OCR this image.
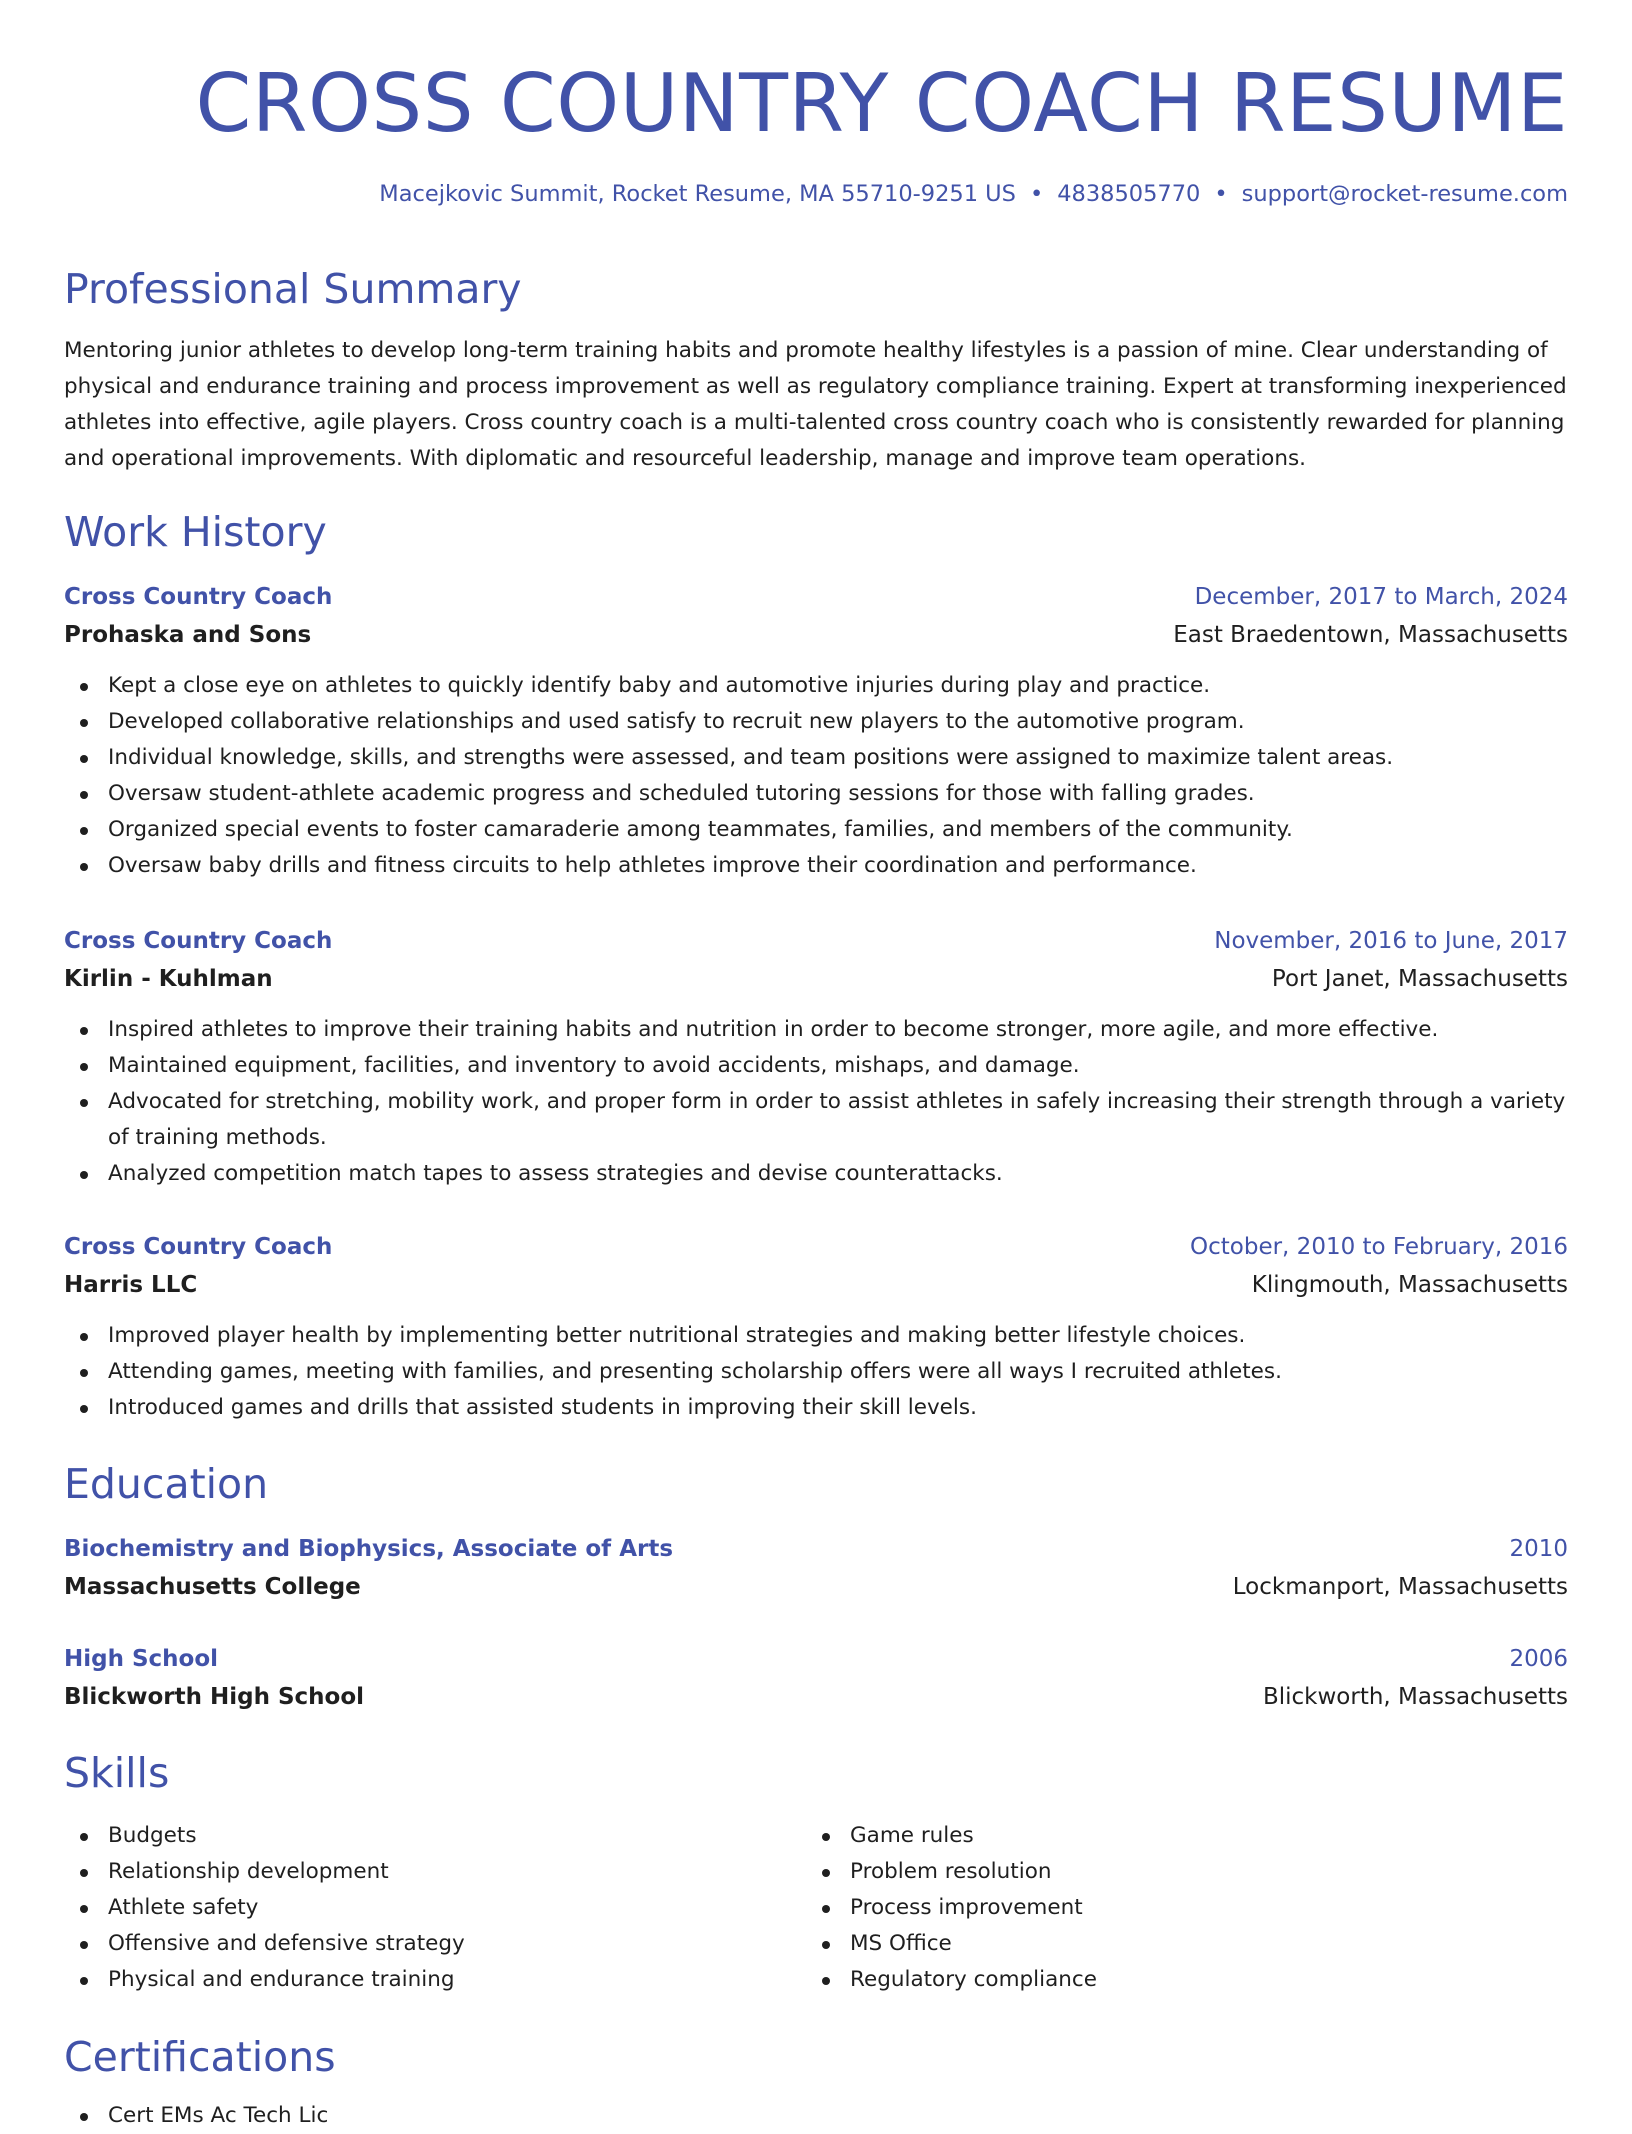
CROSS COUNTRY COACH RESUME
Macejkovic Summit, Rocket Resume, MA 55710-9251 US • 4838505770 • support@rocket-resume.com
Professional Summary

Mentoring junior athletes to develop long-term training habits and promote healthy lifestyles is a passion of mine. Clear understanding of physical and endurance training and process improvement as well as regulatory compliance training. Expert at transforming inexperienced athletes into effective, agile players. Cross country coach is a multi-talented cross country coach who is consistently rewarded for planning and operational improvements. With diplomatic and resourceful leadership, manage and improve team operations.

Work History
Cross Country Coach	December, 2017 to March, 2024
Prohaska and Sons	East Braedentown, Massachusetts
Kept a close eye on athletes to quickly identify baby and automotive injuries during play and practice.
Developed collaborative relationships and used satisfy to recruit new players to the automotive program.
Individual knowledge, skills, and strengths were assessed, and team positions were assigned to maximize talent areas.
Oversaw student-athlete academic progress and scheduled tutoring sessions for those with falling grades.
Organized special events to foster camaraderie among teammates, families, and members of the community.
Oversaw baby drills and fitness circuits to help athletes improve their coordination and performance.
Cross Country Coach	November, 2016 to June, 2017
Kirlin - Kuhlman	Port Janet, Massachusetts
Inspired athletes to improve their training habits and nutrition in order to become stronger, more agile, and more effective.
Maintained equipment, facilities, and inventory to avoid accidents, mishaps, and damage.
Advocated for stretching, mobility work, and proper form in order to assist athletes in safely increasing their strength through a variety of training methods.
Analyzed competition match tapes to assess strategies and devise counterattacks.
Cross Country Coach	October, 2010 to February, 2016
Harris LLC	Klingmouth, Massachusetts
Improved player health by implementing better nutritional strategies and making better lifestyle choices.
Attending games, meeting with families, and presenting scholarship offers were all ways I recruited athletes.
Introduced games and drills that assisted students in improving their skill levels.
Education
Biochemistry and Biophysics, Associate of Arts	2010
Massachusetts College	Lockmanport, Massachusetts
High School	2006
Blickworth High School	Blickworth, Massachusetts
Skills
Budgets
Relationship development
Athlete safety
Offensive and defensive strategy
Physical and endurance training
Game rules
Problem resolution
Process improvement
MS Office
Regulatory compliance
Certifications
Cert EMs Ac Tech Lic
